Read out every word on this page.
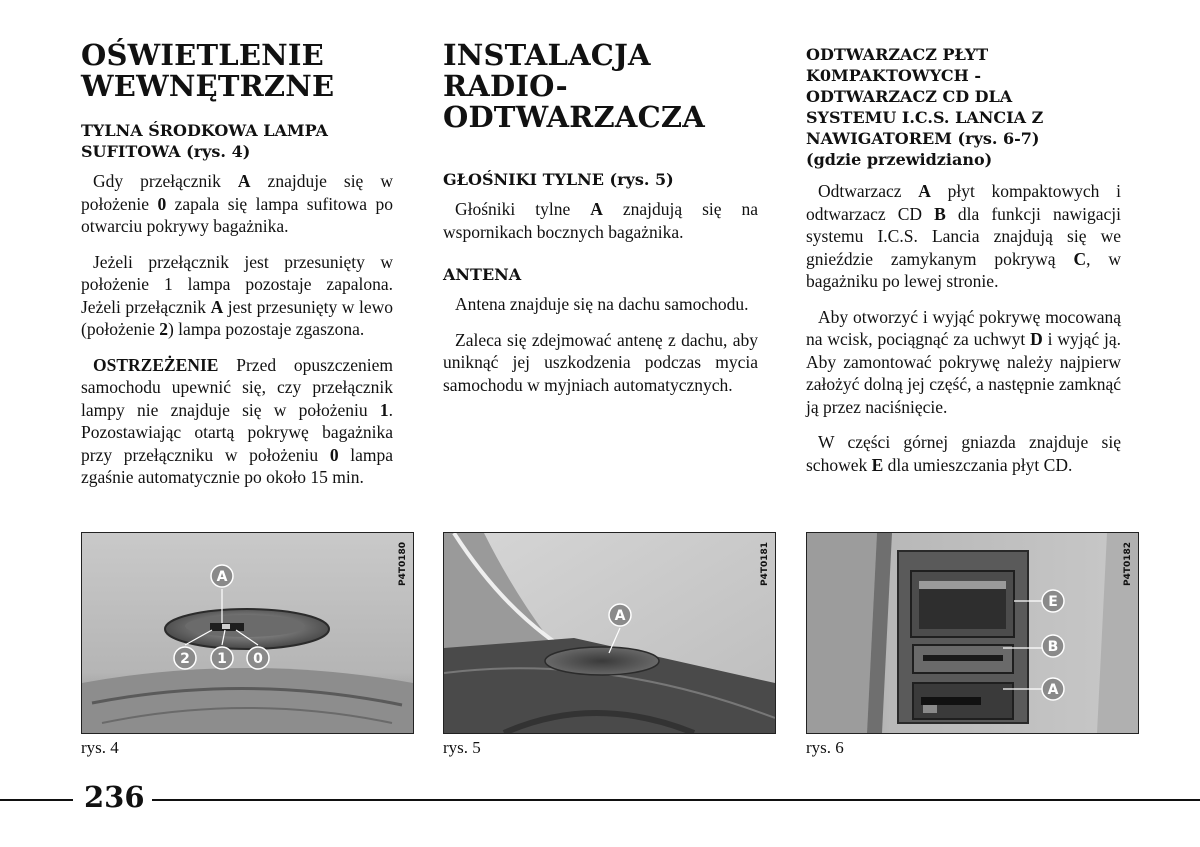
OŚWIETLENIE
WEWNĘTRZNE
TYLNA ŚRODKOWA LAMPA SUFITOWA (rys. 4)

Gdy przełącznik A znajduje się w położenie 0 zapala się lampa sufitowa po otwarciu pokrywy bagażnika.

Jeżeli przełącznik jest przesunięty w położenie 1 lampa pozostaje zapalona. Jeżeli przełącznik A jest przesunięty w lewo (położenie 2) lampa pozostaje zgaszona.

OSTRZEŻENIE Przed opuszczeniem samochodu upewnić się, czy przełącznik lampy nie znajduje się w położeniu 1. Pozostawiając otartą pokrywę bagażnika przy przełączniku w położeniu 0 lampa zgaśnie automatycznie po około 15 min.

INSTALACJA RADIO-
ODTWARZACZA
GŁOŚNIKI TYLNE (rys. 5)

Głośniki tylne A znajdują się na wspornikach bocznych bagażnika.

ANTENA

Antena znajduje się na dachu samochodu.

Zaleca się zdejmować antenę z dachu, aby uniknąć jej uszkodzenia podczas mycia samochodu w myjniach automatycznych.

ODTWARZACZ PŁYT
K0MPAKTOWYCH -
ODTWARZACZ CD DLA
SYSTEMU I.C.S. LANCIA Z
NAWIGATOREM (rys. 6-7)
(gdzie przewidziano)

Odtwarzacz A płyt kompaktowych i odtwarzacz CD B dla funkcji nawigacji systemu I.C.S. Lancia znajdują się we gnieździe zamykanym pokrywą C, w bagażniku po lewej stronie.

Aby otworzyć i wyjąć pokrywę mocowaną na wcisk, pociągnąć za uchwyt D i wyjąć ją. Aby zamontować pokrywę należy najpierw założyć dolną jej część, a następnie zamknąć ją przez naciśnięcie.

W części górnej gniazda znajduje się schowek E dla umieszczania płyt CD.

A
2 1 0
P4T0180
rys. 4
A
P4T0181
rys. 5
E
B
A
P4T0182
rys. 6
236
